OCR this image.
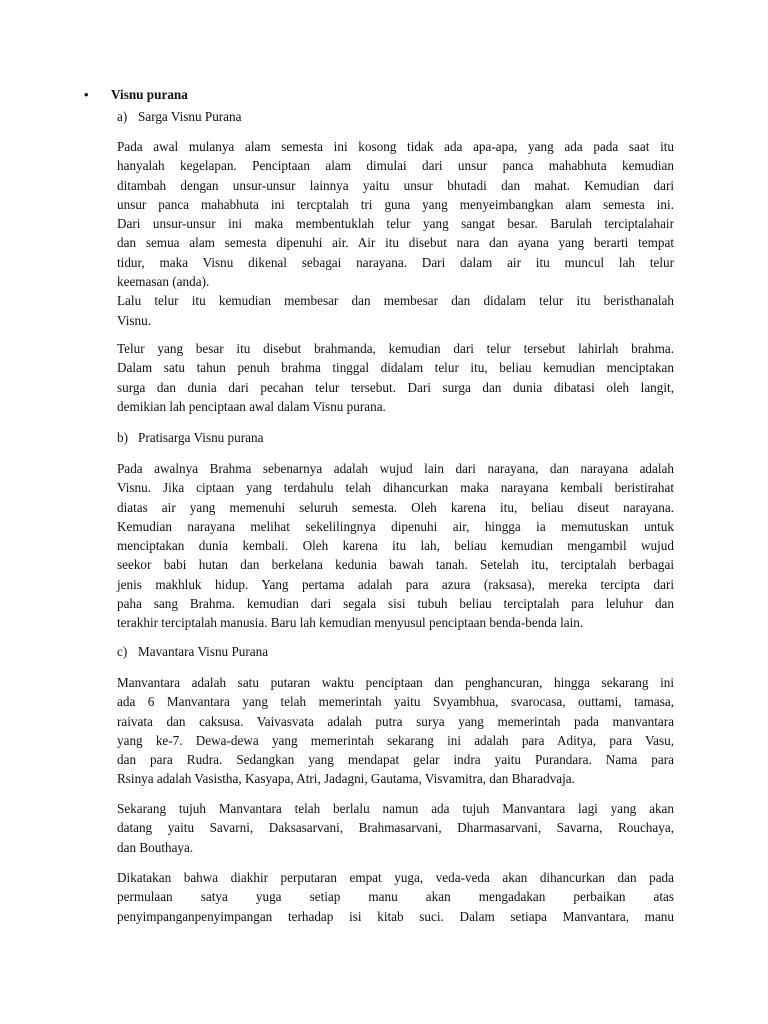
•	Visnu purana
a) Sarga Visnu Purana
Pada awal mulanya alam semesta ini kosong tidak ada apa-apa, yang ada pada saat itu
hanyalah kegelapan. Penciptaan alam dimulai dari unsur panca mahabhuta kemudian
ditambah dengan unsur-unsur lainnya yaitu unsur bhutadi dan mahat. Kemudian dari
unsur panca mahabhuta ini tercptalah tri guna yang menyeimbangkan alam semesta ini.
Dari unsur-unsur ini maka membentuklah telur yang sangat besar. Barulah terciptalahair
dan semua alam semesta dipenuhi air. Air itu disebut nara dan ayana yang berarti tempat
tidur, maka Visnu dikenal sebagai narayana. Dari dalam air itu muncul lah telur
keemasan (anda).
Lalu telur itu kemudian membesar dan membesar dan didalam telur itu beristhanalah
Visnu.
Telur yang besar itu disebut brahmanda, kemudian dari telur tersebut lahirlah brahma.
Dalam satu tahun penuh brahma tinggal didalam telur itu, beliau kemudian menciptakan
surga dan dunia dari pecahan telur tersebut. Dari surga dan dunia dibatasi oleh langit,
demikian lah penciptaan awal dalam Visnu purana.
b) Pratisarga Visnu purana
Pada awalnya Brahma sebenarnya adalah wujud lain dari narayana, dan narayana adalah
Visnu. Jika ciptaan yang terdahulu telah dihancurkan maka narayana kembali beristirahat
diatas air yang memenuhi seluruh semesta. Oleh karena itu, beliau diseut narayana.
Kemudian narayana melihat sekelilingnya dipenuhi air, hingga ia memutuskan untuk
menciptakan dunia kembali. Oleh karena itu lah, beliau kemudian mengambil wujud
seekor babi hutan dan berkelana kedunia bawah tanah. Setelah itu, terciptalah berbagai
jenis makhluk hidup. Yang pertama adalah para azura (raksasa), mereka tercipta dari
paha sang Brahma. kemudian dari segala sisi tubuh beliau terciptalah para leluhur dan
terakhir terciptalah manusia. Baru lah kemudian menyusul penciptaan benda-benda lain.
c) Mavantara Visnu Purana
Manvantara adalah satu putaran waktu penciptaan dan penghancuran, hingga sekarang ini
ada 6 Manvantara yang telah memerintah yaitu Svyambhua, svarocasa, outtami, tamasa,
raivata dan caksusa. Vaivasvata adalah putra surya yang memerintah pada manvantara
yang ke-7. Dewa-dewa yang memerintah sekarang ini adalah para Aditya, para Vasu,
dan para Rudra. Sedangkan yang mendapat gelar indra yaitu Purandara. Nama para
Rsinya adalah Vasistha, Kasyapa, Atri, Jadagni, Gautama, Visvamitra, dan Bharadvaja.
Sekarang tujuh Manvantara telah berlalu namun ada tujuh Manvantara lagi yang akan
datang yaitu Savarni, Daksasarvani, Brahmasarvani, Dharmasarvani, Savarna, Rouchaya,
dan Bouthaya.
Dikatakan bahwa diakhir perputaran empat yuga, veda-veda akan dihancurkan dan pada
permulaan satya yuga setiap manu akan mengadakan perbaikan atas
penyimpanganpenyimpangan terhadap isi kitab suci. Dalam setiapa Manvantara, manu
